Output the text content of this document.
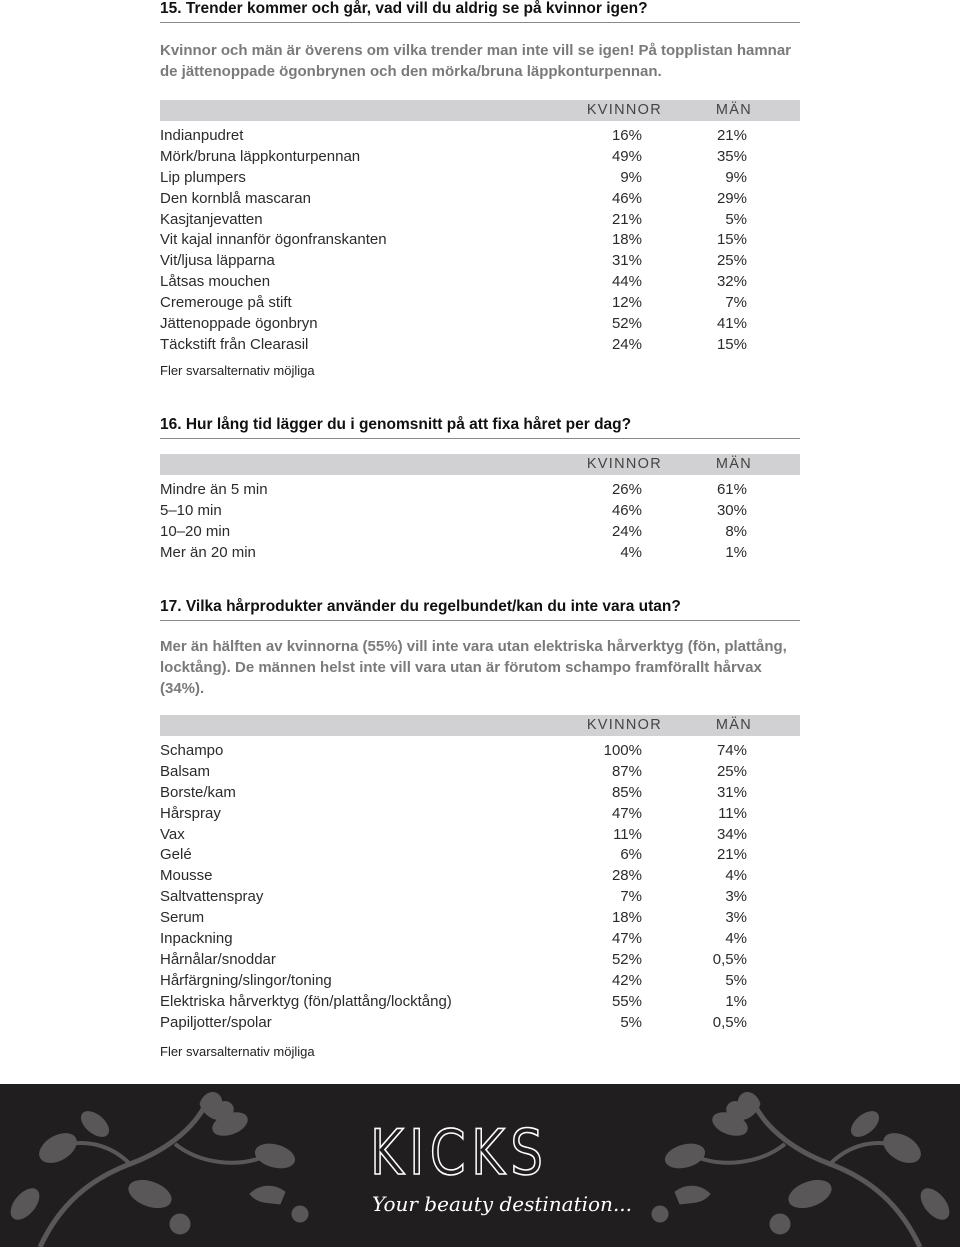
15. Trender kommer och går, vad vill du aldrig se på kvinnor igen?
Kvinnor och män är överens om vilka trender man inte vill se igen! På topplistan hamnar de jättenoppade ögonbrynen och den mörka/bruna läppkonturpennan.
KVINNOR	MÄN
Indianpudret	16%	21%
Mörk/bruna läppkonturpennan	49%	35%
Lip plumpers	9%	9%
Den kornblå mascaran	46%	29%
Kasjtanjevatten	21%	5%
Vit kajal innanför ögonfranskanten	18%	15%
Vit/ljusa läpparna	31%	25%
Låtsas mouchen	44%	32%
Cremerouge på stift	12%	7%
Jättenoppade ögonbryn	52%	41%
Täckstift från Clearasil	24%	15%
Fler svarsalternativ möjliga
16. Hur lång tid lägger du i genomsnitt på att fixa håret per dag?
KVINNOR	MÄN
Mindre än 5 min	26%	61%
5–10 min	46%	30%
10–20 min	24%	8%
Mer än 20 min	4%	1%
17. Vilka hårprodukter använder du regelbundet/kan du inte vara utan?
Mer än hälften av kvinnorna (55%) vill inte vara utan elektriska hårverktyg (fön, plattång, locktång). De männen helst inte vill vara utan är förutom schampo framförallt hårvax (34%).
KVINNOR	MÄN
Schampo	100%	74%
Balsam	87%	25%
Borste/kam	85%	31%
Hårspray	47%	11%
Vax	11%	34%
Gelé	6%	21%
Mousse	28%	4%
Saltvattenspray	7%	3%
Serum	18%	3%
Inpackning	47%	4%
Hårnålar/snoddar	52%	0,5%
Hårfärgning/slingor/toning	42%	5%
Elektriska hårverktyg (fön/plattång/locktång)	55%	1%
Papiljotter/spolar	5%	0,5%
Fler svarsalternativ möjliga
KICKS
Your beauty destination...
